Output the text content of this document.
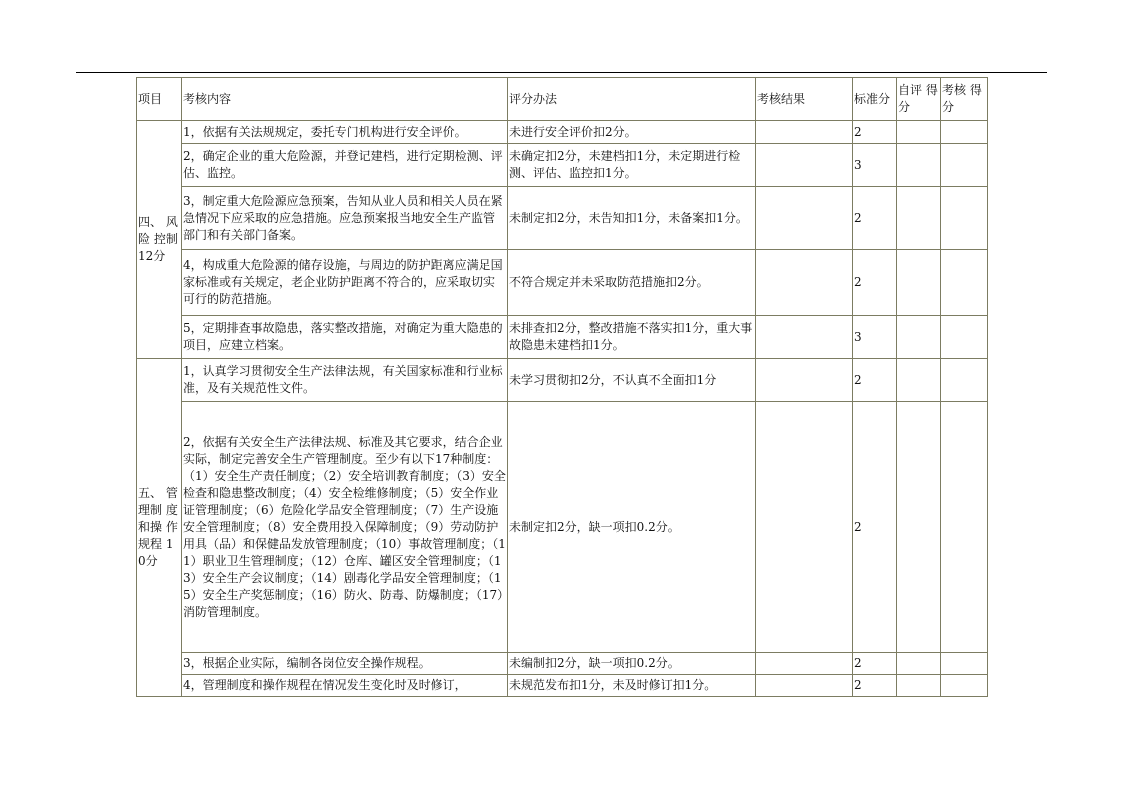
项目	考核内容	评分办法	考核结果	标准分	自评 得分	考核 得分
四、 风险 控制 12分	1，依据有关法规规定，委托专门机构进行安全评价。	未进行安全评价扣2分。		2		
	2，确定企业的重大危险源，并登记建档，进行定期检测、评估、监控。	未确定扣2分，未建档扣1分，未定期进行检测、评估、监控扣1分。		3		
	3，制定重大危险源应急预案，告知从业人员和相关人员在紧急情况下应采取的应急措施。应急预案报当地安全生产监管部门和有关部门备案。	未制定扣2分，未告知扣1分，未备案扣1分。		2		
	4，构成重大危险源的储存设施，与周边的防护距离应满足国家标准或有关规定，老企业防护距离不符合的，应采取切实可行的防范措施。	不符合规定并未采取防范措施扣2分。		2		
	5，定期排查事故隐患，落实整改措施，对确定为重大隐患的项目，应建立档案。	未排查扣2分，整改措施不落实扣1分，重大事故隐患未建档扣1分。		3		
五、 管理制 度和操 作规程 10分	1，认真学习贯彻安全生产法律法规，有关国家标准和行业标准，及有关规范性文件。	未学习贯彻扣2分，不认真不全面扣1分		2		
	2，依据有关安全生产法律法规、标准及其它要求，结合企业实际，制定完善安全生产管理制度。至少有以下17种制度：（1）安全生产责任制度；（2）安全培训教育制度；（3）安全检查和隐患整改制度；（4）安全检维修制度；（5）安全作业证管理制度；（6）危险化学品安全管理制度；（7）生产设施安全管理制度；（8）安全费用投入保障制度；（9）劳动防护用具（品）和保健品发放管理制度；（10）事故管理制度；（11）职业卫生管理制度；（12）仓库、罐区安全管理制度；（13）安全生产会议制度；（14）剧毒化学品安全管理制度；（15）安全生产奖惩制度；（16）防火、防毒、防爆制度；（17）消防管理制度。	未制定扣2分，缺一项扣0.2分。		2		
	3，根据企业实际，编制各岗位安全操作规程。	未编制扣2分，缺一项扣0.2分。		2		
	4，管理制度和操作规程在情况发生变化时及时修订，	未规范发布扣1分，未及时修订扣1分。		2		
